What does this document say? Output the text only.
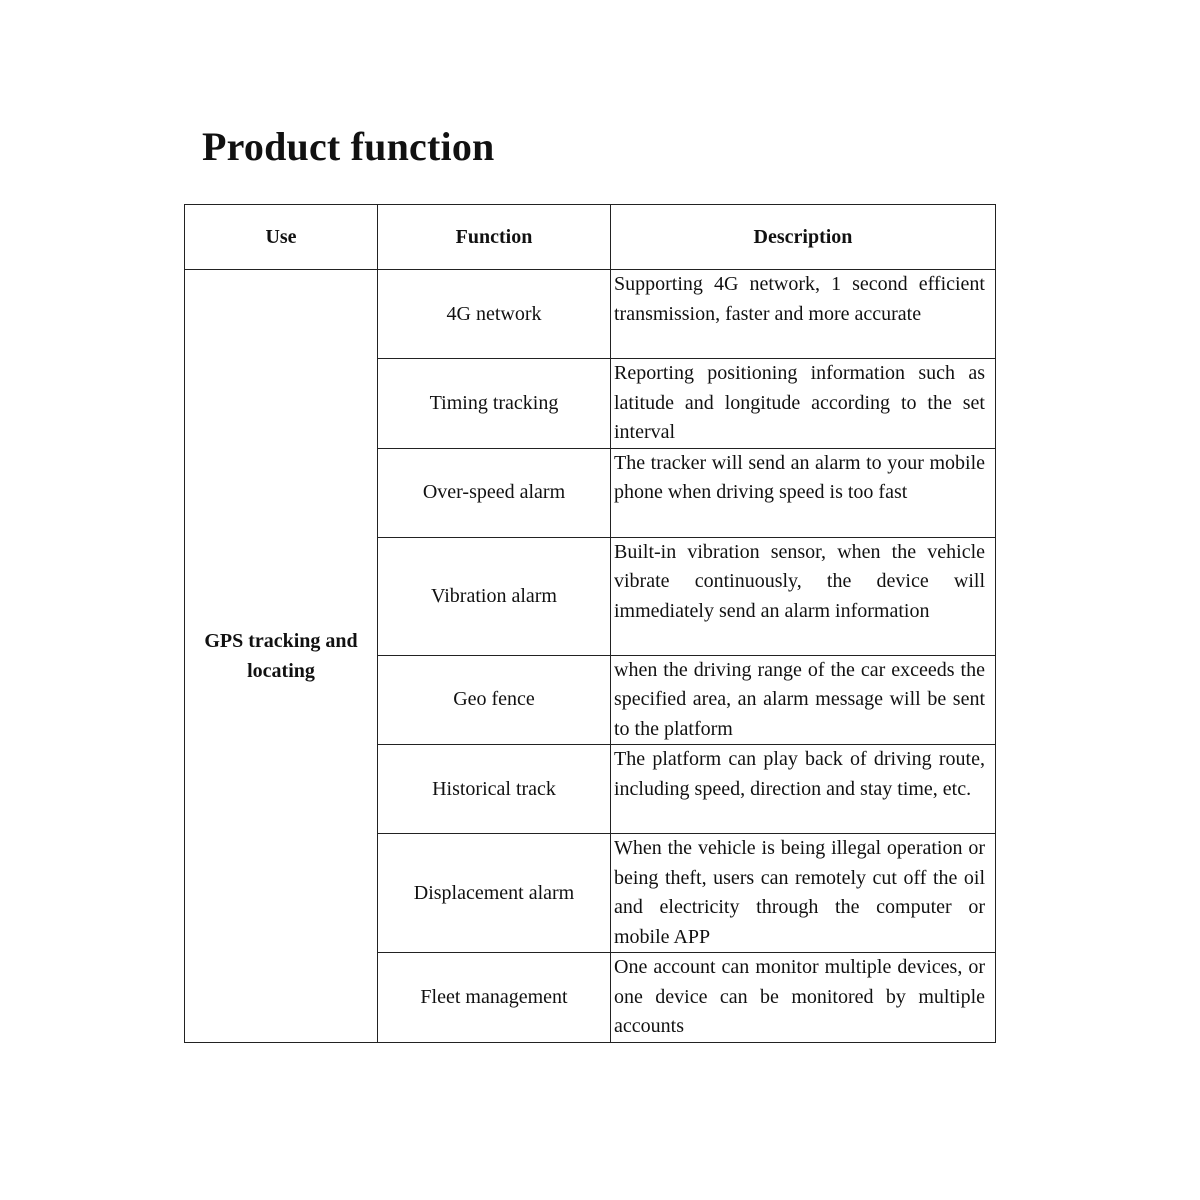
Product function
Use	Function	Description
GPS tracking and locating	4G network	Supporting 4G network, 1 second efficient transmission, faster and more accurate
	Timing tracking	Reporting positioning information such as latitude and longitude according to the set interval
	Over-speed alarm	The tracker will send an alarm to your mobile phone when driving speed is too fast
	Vibration alarm	Built-in vibration sensor, when the vehicle vibrate continuously, the device will immediately send an alarm information
	Geo fence	when the driving range of the car exceeds the specified area, an alarm message will be sent to the platform
	Historical track	The platform can play back of driving route, including speed, direction and stay time, etc.
	Displacement alarm	When the vehicle is being illegal operation or being theft, users can remotely cut off the oil and electricity through the computer or mobile APP
	Fleet management	One account can monitor multiple devices, or one device can be monitored by multiple accounts
